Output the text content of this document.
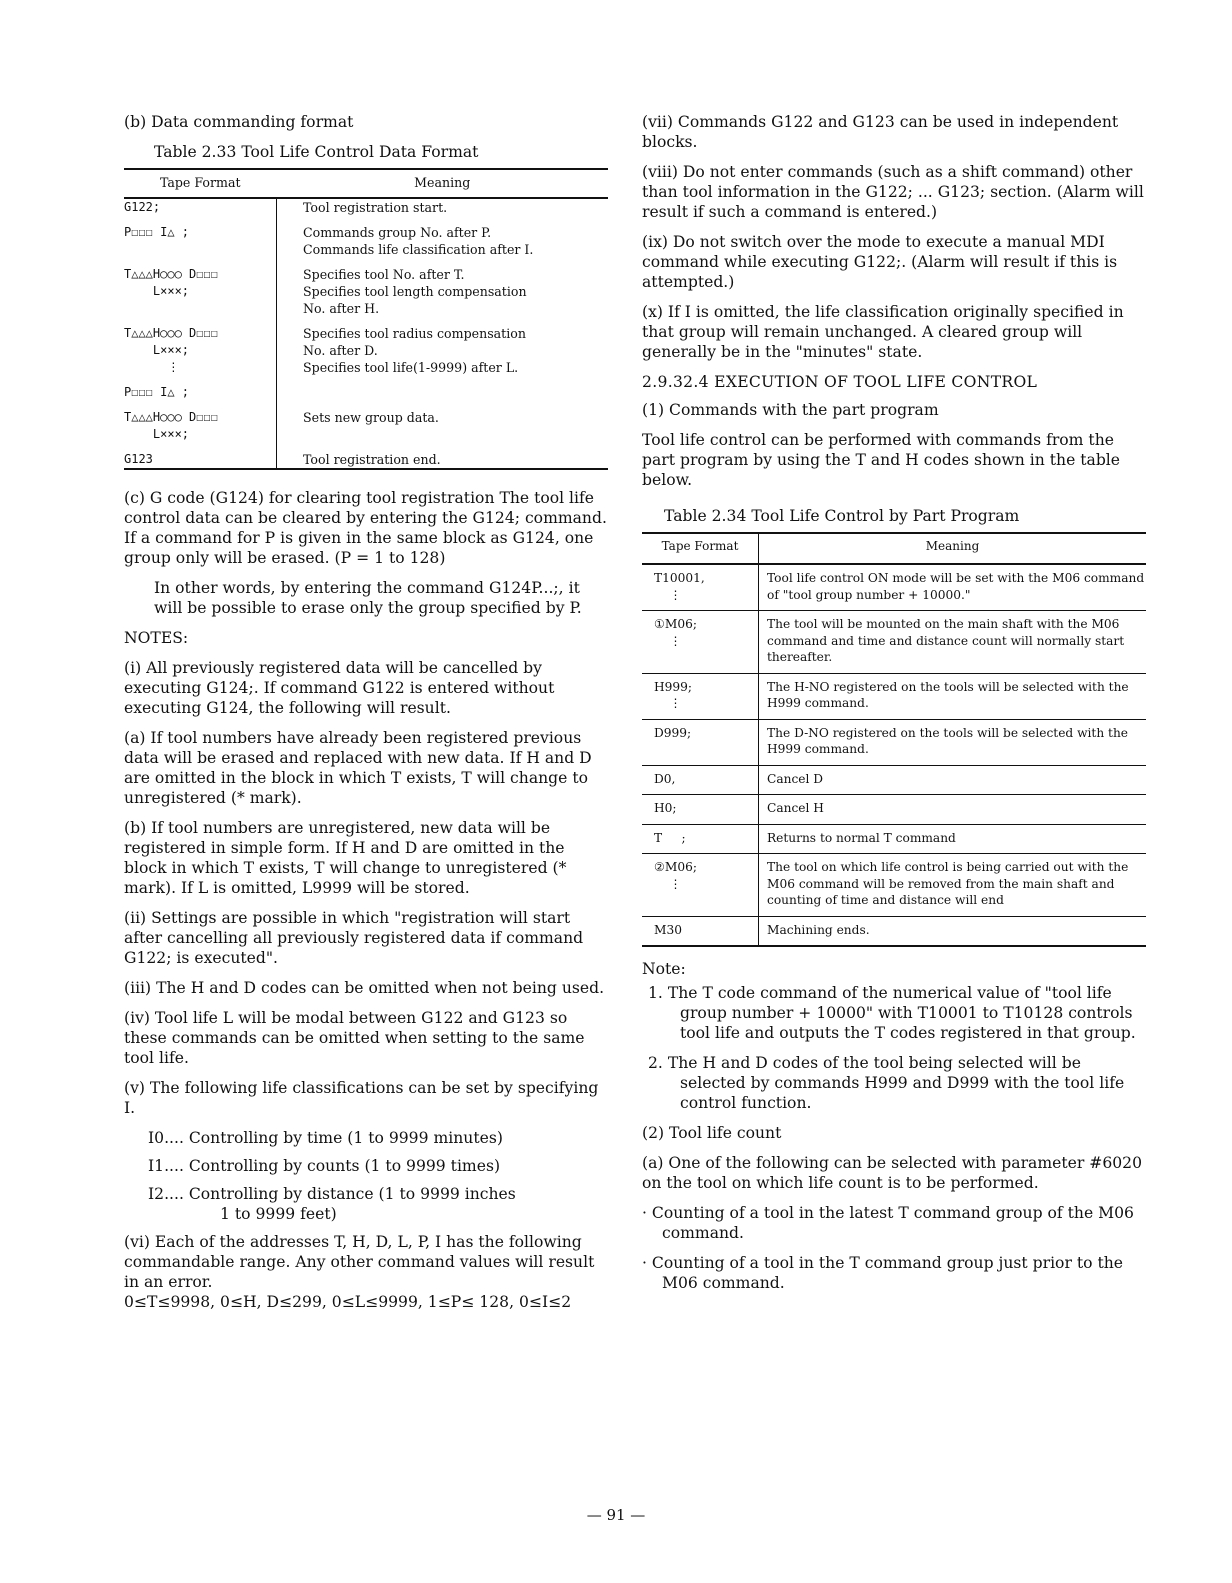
(b) Data commanding format

Table 2.33 Tool Life Control Data Format

Tape Format	Meaning
G122;	Tool registration start.

P☐☐☐ I△ ;	Commands group No. after P.
Commands life classification after I.

T△△△H○○○ D☐☐☐
L×××;	Specifies tool No. after T.
Specifies tool length compensation
No. after H.

T△△△H○○○ D☐☐☐
L×××;
⋮	Specifies tool radius compensation
No. after D.
Specifies tool life(1-9999) after L.

P☐☐☐ I△ ;	

T△△△H○○○ D☐☐☐
L×××;	Sets new group data.

G123	Tool registration end.

(c) G code (G124) for clearing tool registration The tool life control data can be cleared by entering the G124; command. If a command for P is given in the same block as G124, one group only will be erased. (P = 1 to 128)

In other words, by entering the command G124P...;, it will be possible to erase only the group specified by P.

NOTES:

(i) All previously registered data will be cancelled by executing G124;. If command G122 is entered without executing G124, the following will result.

(a) If tool numbers have already been registered previous data will be erased and replaced with new data. If H and D are omitted in the block in which T exists, T will change to unregistered (* mark).

(b) If tool numbers are unregistered, new data will be registered in simple form. If H and D are omitted in the block in which T exists, T will change to unregistered (* mark). If L is omitted, L9999 will be stored.

(ii) Settings are possible in which "registration will start after cancelling all previously registered data if command G122; is executed".

(iii) The H and D codes can be omitted when not being used.

(iv) Tool life L will be modal between G122 and G123 so these commands can be omitted when setting to the same tool life.

(v) The following life classifications can be set by specifying I.

I0.... Controlling by time (1 to 9999 minutes)

I1.... Controlling by counts (1 to 9999 times)

I2.... Controlling by distance (1 to 9999 inches

1 to 9999 feet)

(vi) Each of the addresses T, H, D, L, P, I has the following commandable range. Any other command values will result in an error.

0≤T≤9998, 0≤H, D≤299, 0≤L≤9999, 1≤P≤ 128, 0≤I≤2

(vii) Commands G122 and G123 can be used in independent blocks.

(viii) Do not enter commands (such as a shift command) other than tool information in the G122; ... G123; section. (Alarm will result if such a command is entered.)

(ix) Do not switch over the mode to execute a manual MDI command while executing G122;. (Alarm will result if this is attempted.)

(x) If I is omitted, the life classification originally specified in that group will remain unchanged. A cleared group will generally be in the "minutes" state.

2.9.32.4 EXECUTION OF TOOL LIFE CONTROL

(1) Commands with the part program

Tool life control can be performed with commands from the part program by using the T and H codes shown in the table below.

Table 2.34 Tool Life Control by Part Program

Tape Format	Meaning
T10001,
⋮	Tool life control ON mode will be set with the M06 command of "tool group number + 10000."
①M06;
⋮	The tool will be mounted on the main shaft with the M06 command and time and distance count will normally start thereafter.
H999;
⋮	The H-NO registered on the tools will be selected with the H999 command.
D999;	The D-NO registered on the tools will be selected with the H999 command.
D0,	Cancel D
H0;	Cancel H
T     ;	Returns to normal T command
②M06;
⋮	The tool on which life control is being carried out with the M06 command will be removed from the main shaft and counting of time and distance will end
M30	Machining ends.

Note:

1. The T code command of the numerical value of "tool life group number + 10000" with T10001 to T10128 controls tool life and outputs the T codes registered in that group.

2. The H and D codes of the tool being selected will be selected by commands H999 and D999 with the tool life control function.

(2) Tool life count

(a) One of the following can be selected with parameter #6020 on the tool on which life count is to be performed.

· Counting of a tool in the latest T command group of the M06 command.

· Counting of a tool in the T command group just prior to the M06 command.

— 91 —
